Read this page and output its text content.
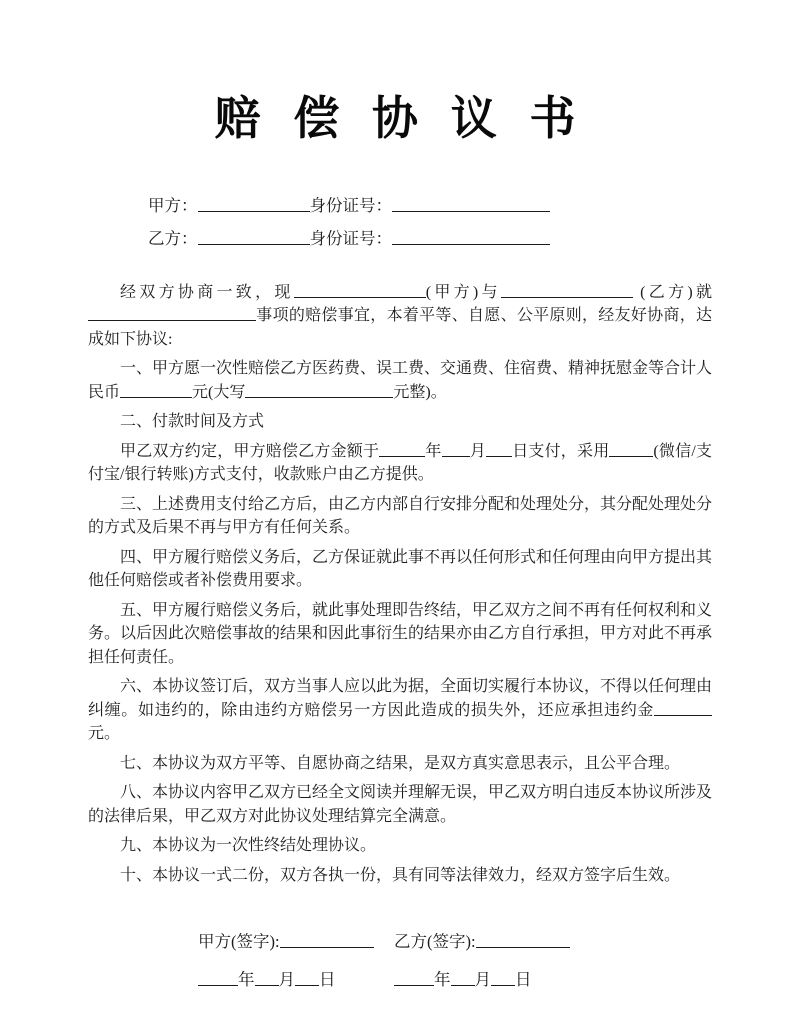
赔 偿 协 议 书

甲方：	身份证号：

乙方：	身份证号：

经双方协商一致，现	(甲方)与	(乙方)就事项的赔偿事宜，本着平等、自愿、公平原则，经友好协商，达成如下协议:

一、甲方愿一次性赔偿乙方医药费、误工费、交通费、住宿费、精神抚慰金等合计人民币	元(大写	元整)。

二、付款时间及方式

甲乙双方约定，甲方赔偿乙方金额于	年 月 日支付，采用	(微信/支付宝/银行转账)方式支付，收款账户由乙方提供。

三、上述费用支付给乙方后，由乙方内部自行安排分配和处理处分，其分配处理处分的方式及后果不再与甲方有任何关系。

四、甲方履行赔偿义务后，乙方保证就此事不再以任何形式和任何理由向甲方提出其他任何赔偿或者补偿费用要求。

五、甲方履行赔偿义务后，就此事处理即告终结，甲乙双方之间不再有任何权利和义务。以后因此次赔偿事故的结果和因此事衍生的结果亦由乙方自行承担，甲方对此不再承担任何责任。

六、本协议签订后，双方当事人应以此为据，全面切实履行本协议，不得以任何理由纠缠。如违约的，除由违约方赔偿另一方因此造成的损失外，还应承担违约金元。

七、本协议为双方平等、自愿协商之结果，是双方真实意思表示，且公平合理。

八、本协议内容甲乙双方已经全文阅读并理解无误，甲乙双方明白违反本协议所涉及的法律后果，甲乙双方对此协议处理结算完全满意。

九、本协议为一次性终结处理协议。

十、本协议一式二份，双方各执一份，具有同等法律效力，经双方签字后生效。

甲方(签字):	乙方(签字):

年 月 日	年 月 日
